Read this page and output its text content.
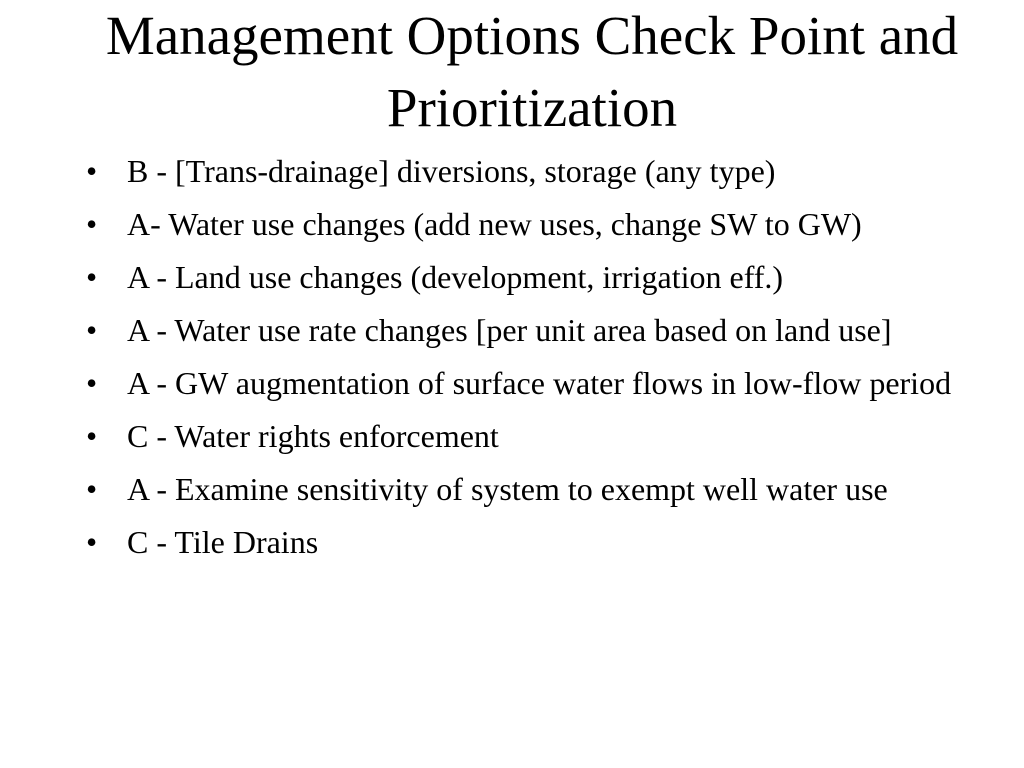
Management Options Check Point and Prioritization
• B - [Trans-drainage] diversions, storage (any type)
• A- Water use changes (add new uses, change SW to GW)
• A - Land use changes (development, irrigation eff.)
• A - Water use rate changes [per unit area based on land use]
• A - GW augmentation of surface water flows in low-flow period
• C - Water rights enforcement
• A - Examine sensitivity of system to exempt well water use
• C - Tile Drains
